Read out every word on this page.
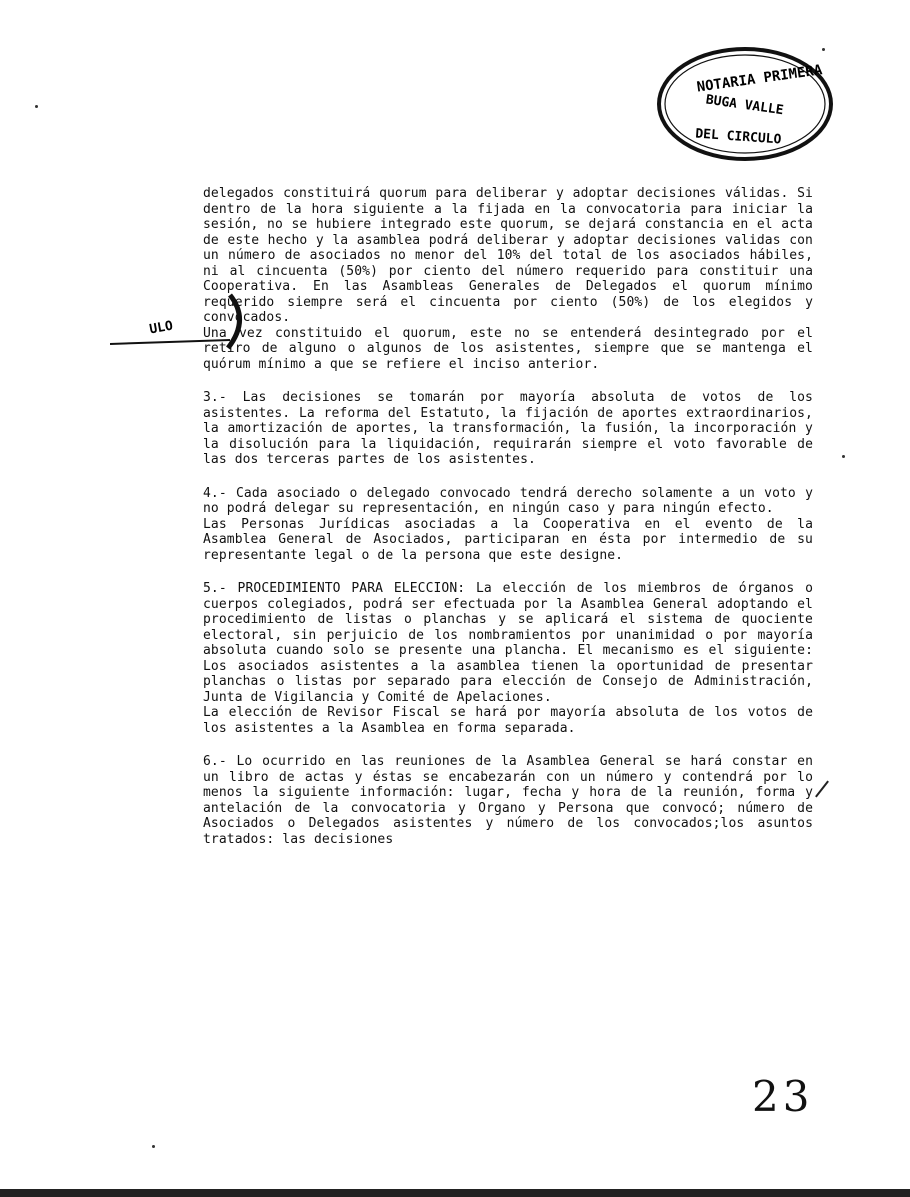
NOTARIA PRIMERA
BUGA VALLE
DEL CIRCULO
ULO

delegados constituirá quorum para deliberar y adoptar decisiones válidas. Si dentro de la hora siguiente a la fijada en la convocatoria para iniciar la sesión, no se hubiere integrado este quorum, se dejará constancia en el acta de este hecho y la asamblea podrá deliberar y adoptar decisiones validas con un número de asociados no menor del 10% del total de los asociados hábiles, ni al cincuenta (50%) por ciento del número requerido para constituir una Cooperativa. En las Asambleas Generales de Delegados el quorum mínimo requerido siempre será el cincuenta por ciento (50%) de los elegidos y convocados.

Una vez constituido el quorum, este no se entenderá desintegrado por el retiro de alguno o algunos de los asistentes, siempre que se mantenga el quórum mínimo a que se refiere el inciso anterior.

3.- Las decisiones se tomarán por mayoría absoluta de votos de los asistentes. La reforma del Estatuto, la fijación de aportes extraordinarios, la amortización de aportes, la transformación, la fusión, la incorporación y la disolución para la liquidación, requirarán siempre el voto favorable de las dos terceras partes de los asistentes.

4.- Cada asociado o delegado convocado tendrá derecho solamente a un voto y no podrá delegar su representación, en ningún caso y para ningún efecto.

Las Personas Jurídicas asociadas a la Cooperativa en el evento de la Asamblea General de Asociados, participaran en ésta por intermedio de su representante legal o de la persona que este designe.

5.- PROCEDIMIENTO PARA ELECCION: La elección de los miembros de órganos o cuerpos colegiados, podrá ser efectuada por la Asamblea General adoptando el procedimiento de listas o planchas y se aplicará el sistema de quociente electoral, sin perjuicio de los nombramientos por unanimidad o por mayoría absoluta cuando solo se presente una plancha. El mecanismo es el siguiente: Los asociados asistentes a la asamblea tienen la oportunidad de presentar planchas o listas por separado para elección de Consejo de Administración, Junta de Vigilancia y Comité de Apelaciones.

La elección de Revisor Fiscal se hará por mayoría absoluta de los votos de los asistentes a la Asamblea en forma separada.

6.- Lo ocurrido en las reuniones de la Asamblea General se hará constar en un libro de actas y éstas se encabezarán con un número y contendrá por lo menos la siguiente información: lugar, fecha y hora de la reunión, forma y antelación de la convocatoria y Organo y Persona que convocó; número de Asociados o Delegados asistentes y número de los convocados;los asuntos tratados: las decisiones

23
